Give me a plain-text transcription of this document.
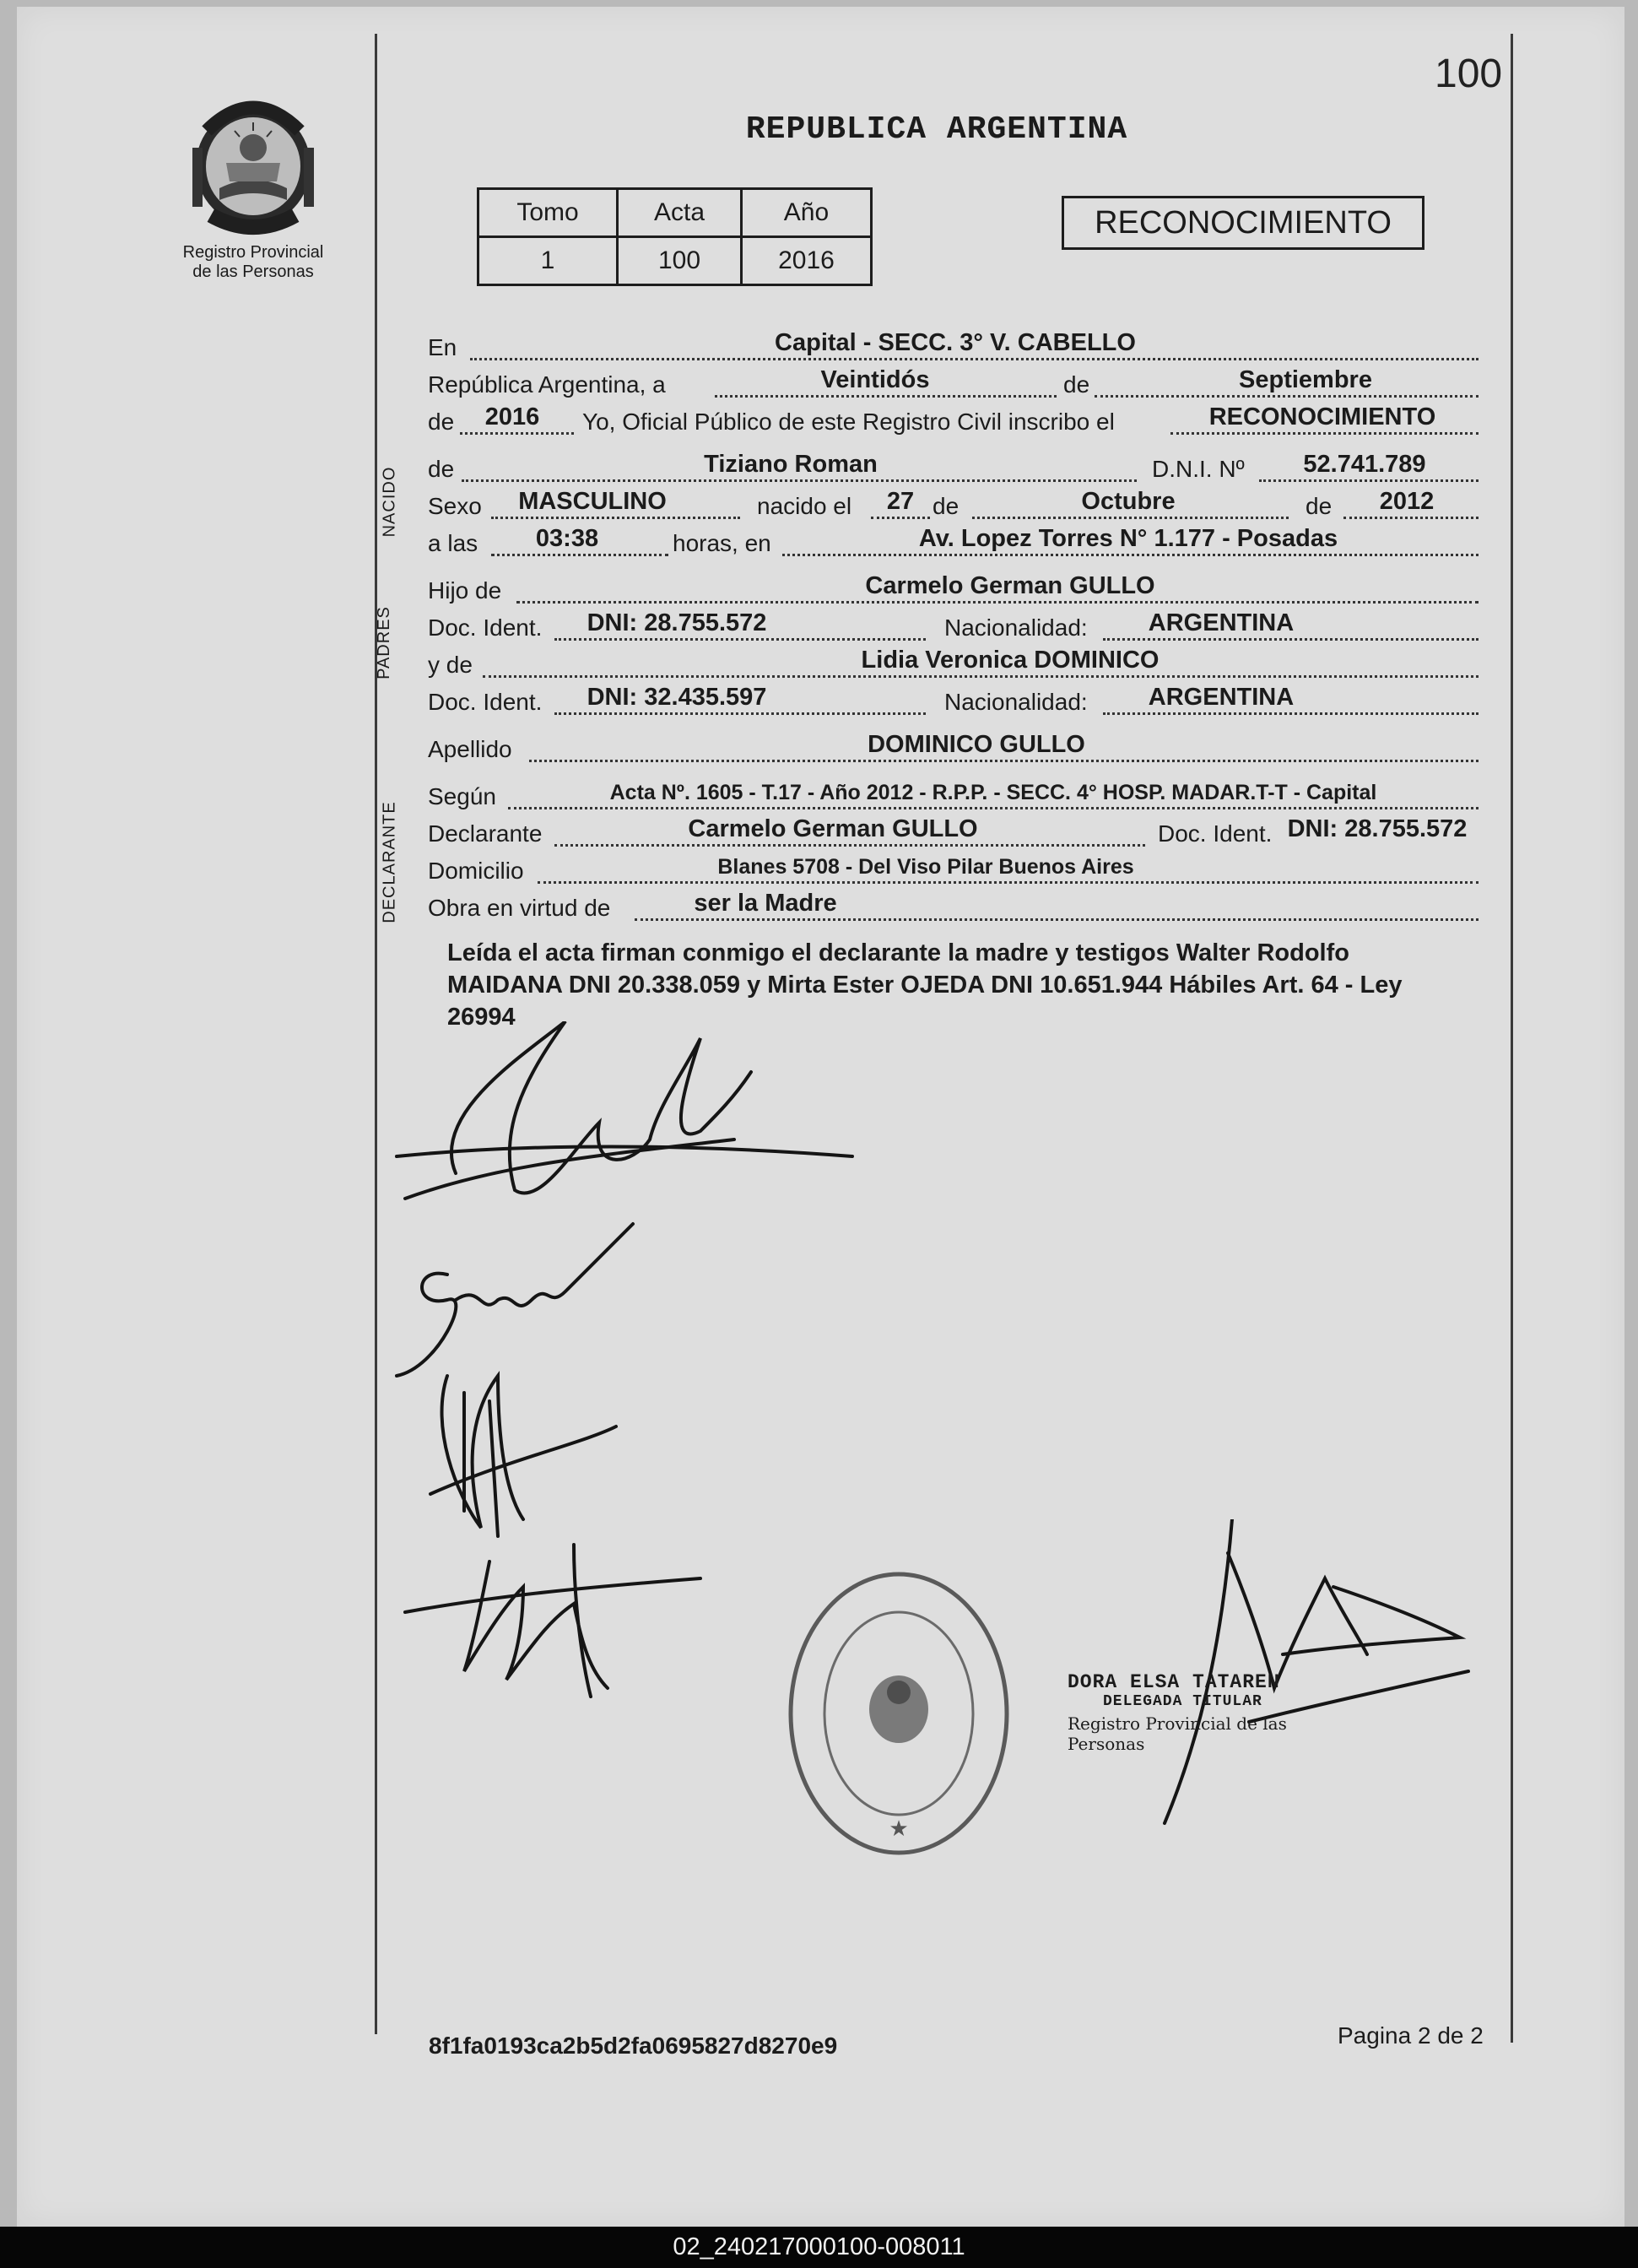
100
Registro Provincial
de las Personas
REPUBLICA ARGENTINA
Tomo	Acta	Año
1	100	2016
RECONOCIMIENTO
NACIDO
PADRES
DECLARANTE
En	Capital - SECC. 3° V. CABELLO
República Argentina, a	Veintidós	de	Septiembre
de	2016	Yo, Oficial Público de este Registro Civil inscribo el	RECONOCIMIENTO
de	Tiziano Roman	D.N.I. Nº	52.741.789
Sexo	MASCULINO	nacido el	27 de	Octubre	de	2012
a las	03:38	horas, en	Av. Lopez Torres N° 1.177 - Posadas
Hijo de	Carmelo German GULLO
Doc. Ident.	DNI: 28.755.572	Nacionalidad:	ARGENTINA
y de	Lidia Veronica DOMINICO
Doc. Ident.	DNI: 32.435.597	Nacionalidad:	ARGENTINA
Apellido	DOMINICO GULLO
Según	Acta Nº. 1605 - T.17 - Año 2012 - R.P.P. - SECC. 4° HOSP. MADAR.T-T - Capital
Declarante	Carmelo German GULLO	Doc. Ident. DNI: 28.755.572
Domicilio	Blanes 5708 - Del Viso Pilar Buenos Aires
Obra en virtud de	ser la Madre
Leída el acta firman conmigo el declarante la madre y testigos Walter Rodolfo MAIDANA DNI 20.338.059 y Mirta Ester OJEDA DNI 10.651.944 Hábiles Art. 64 - Ley 26994
★
DORA ELSA TATAREN
DELEGADA TITULAR
Registro Provincial de las Personas
8f1fa0193ca2b5d2fa0695827d8270e9	Pagina 2 de 2
02_240217000100-008011
